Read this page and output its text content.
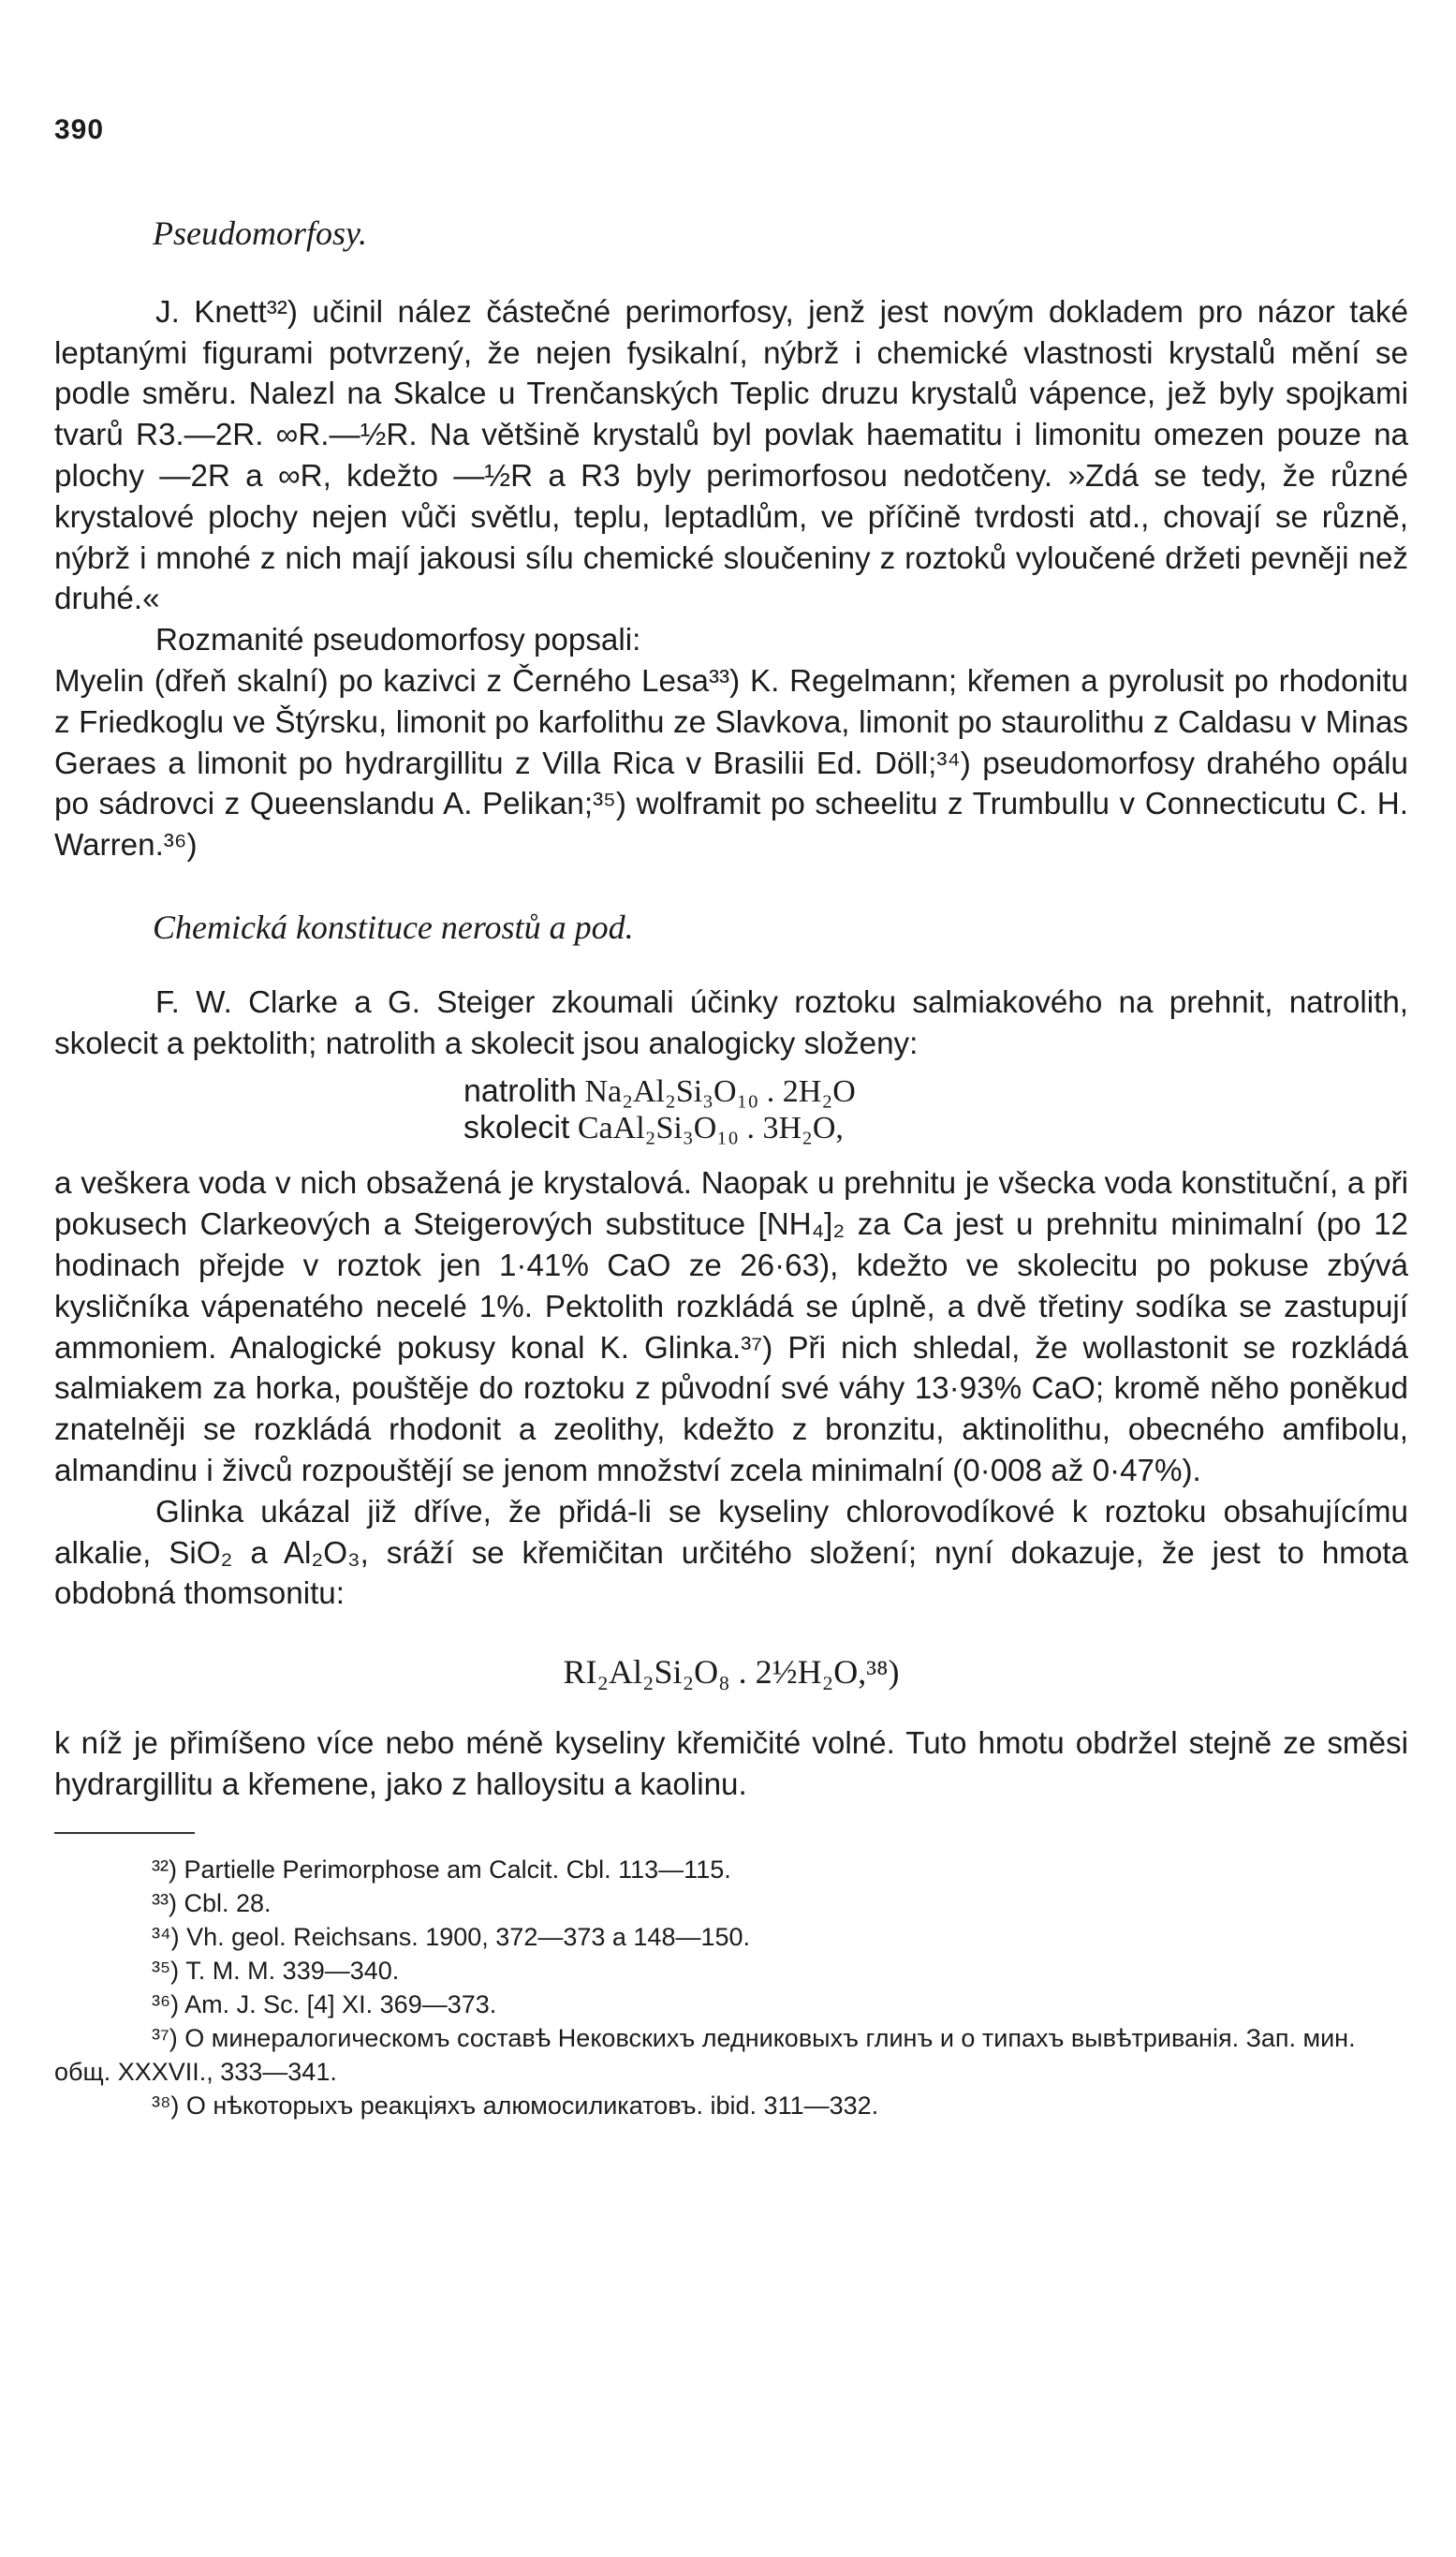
390

Pseudomorfosy.

J. Knett³²) učinil nález částečné perimorfosy, jenž jest novým dokladem pro názor také leptanými figurami potvrzený, že nejen fysikalní, nýbrž i chemické vlastnosti krystalů mění se podle směru. Nalezl na Skalce u Trenčanských Teplic druzu krystalů vápence, jež byly spojkami tvarů R3.—2R. ∞R.—½R. Na většině krystalů byl povlak haematitu i limonitu omezen pouze na plochy —2R a ∞R, kdežto —½R a R3 byly perimorfosou nedotčeny. »Zdá se tedy, že různé krystalové plochy nejen vůči světlu, teplu, leptadlům, ve příčině tvrdosti atd., chovají se různě, nýbrž i mnohé z nich mají jakousi sílu chemické sloučeniny z roztoků vyloučené držeti pevněji než druhé.«

Rozmanité pseudomorfosy popsali:

Myelin (dřeň skalní) po kazivci z Černého Lesa³³) K. Regelmann; křemen a pyrolusit po rhodonitu z Friedkoglu ve Štýrsku, limonit po karfolithu ze Slavkova, limonit po staurolithu z Caldasu v Minas Geraes a limonit po hydrargillitu z Villa Rica v Brasilii Ed. Döll;³⁴) pseudomorfosy drahého opálu po sádrovci z Queenslandu A. Pelikan;³⁵) wolframit po scheelitu z Trumbullu v Connecticutu C. H. Warren.³⁶)

Chemická konstituce nerostů a pod.

F. W. Clarke a G. Steiger zkoumali účinky roztoku salmiakového na prehnit, natrolith, skolecit a pektolith; natrolith a skolecit jsou analogicky složeny:

natrolith Na₂Al₂Si₃O₁₀ . 2H₂O
skolecit CaAl₂Si₃O₁₀ . 3H₂O,

a veškera voda v nich obsažená je krystalová. Naopak u prehnitu je všecka voda konstituční, a při pokusech Clarkeových a Steigerových substituce [NH₄]₂ za Ca jest u prehnitu minimalní (po 12 hodinach přejde v roztok jen 1·41% CaO ze 26·63), kdežto ve skolecitu po pokuse zbývá kysličníka vápenatého necelé 1%. Pektolith rozkládá se úplně, a dvě třetiny sodíka se zastupují ammoniem. Analogické pokusy konal K. Glinka.³⁷) Při nich shledal, že wollastonit se rozkládá salmiakem za horka, pouštěje do roztoku z původní své váhy 13·93% CaO; kromě něho poněkud znatelněji se rozkládá rhodonit a zeolithy, kdežto z bronzitu, aktinolithu, obecného amfibolu, almandinu i živců rozpouštějí se jenom množství zcela minimalní (0·008 až 0·47%).

Glinka ukázal již dříve, že přidá-li se kyseliny chlorovodíkové k roztoku obsahujícímu alkalie, SiO₂ a Al₂O₃, sráží se křemičitan určitého složení; nyní dokazuje, že jest to hmota obdobná thomsonitu:

RI₂Al₂Si₂O₈ . 2½H₂O,³⁸)

k níž je přimíšeno více nebo méně kyseliny křemičité volné. Tuto hmotu obdržel stejně ze směsi hydrargillitu a křemene, jako z halloysitu a kaolinu.

³²) Partielle Perimorphose am Calcit. Cbl. 113—115.
³³) Cbl. 28.
³⁴) Vh. geol. Reichsans. 1900, 372—373 a 148—150.
³⁵) T. M. M. 339—340.
³⁶) Am. J. Sc. [4] XI. 369—373.
³⁷) О минералогическомъ составѣ Нековскихъ ледниковыхъ глинъ и о типахъ вывѣтриванія. Зап. мин. общ. XXXVII., 333—341.
³⁸) О нѣкоторыхъ реакціяхъ алюмосиликатовъ. ibid. 311—332.
